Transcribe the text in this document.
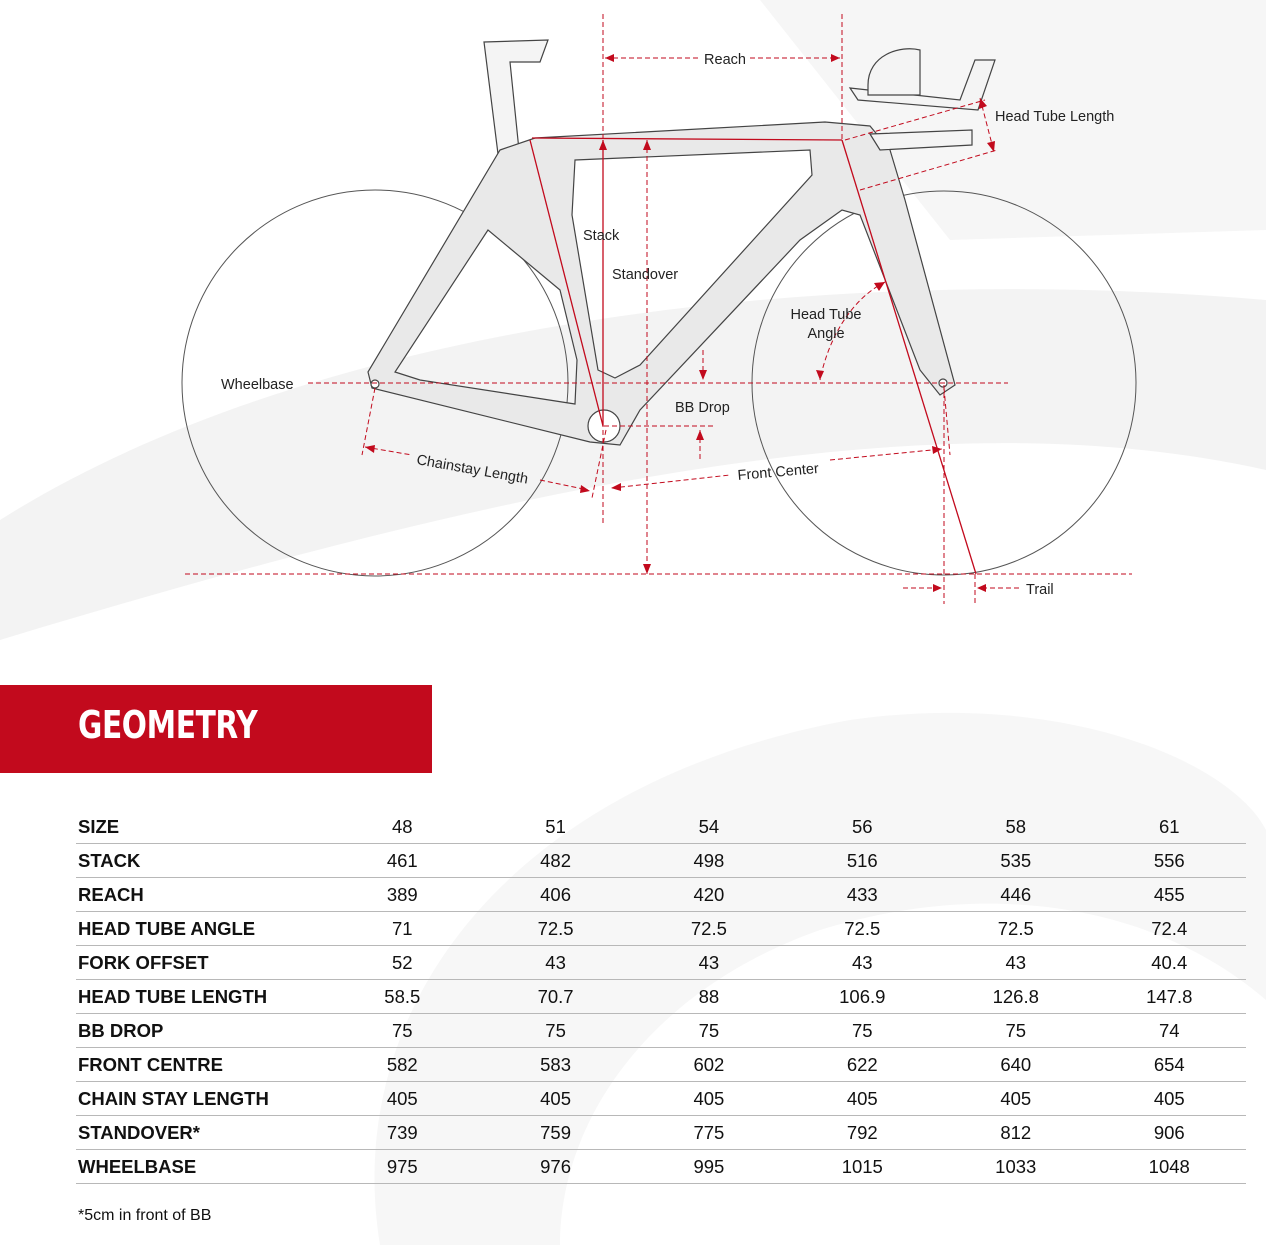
Reach
Head Tube Length
Stack
Standover
Head Tube
Angle
Wheelbase
BB Drop
Chainstay Length	Front Center
Trail
GEOMETRY
SIZE	48	51	54	56	58	61
STACK	461	482	498	516	535	556
REACH	389	406	420	433	446	455
HEAD TUBE ANGLE	71	72.5	72.5	72.5	72.5	72.4
FORK OFFSET	52	43	43	43	43	40.4
HEAD TUBE LENGTH	58.5	70.7	88	106.9	126.8	147.8
BB DROP	75	75	75	75	75	74
FRONT CENTRE	582	583	602	622	640	654
CHAIN STAY LENGTH	405	405	405	405	405	405
STANDOVER*	739	759	775	792	812	906
WHEELBASE	975	976	995	1015	1033	1048
*5cm in front of BB
